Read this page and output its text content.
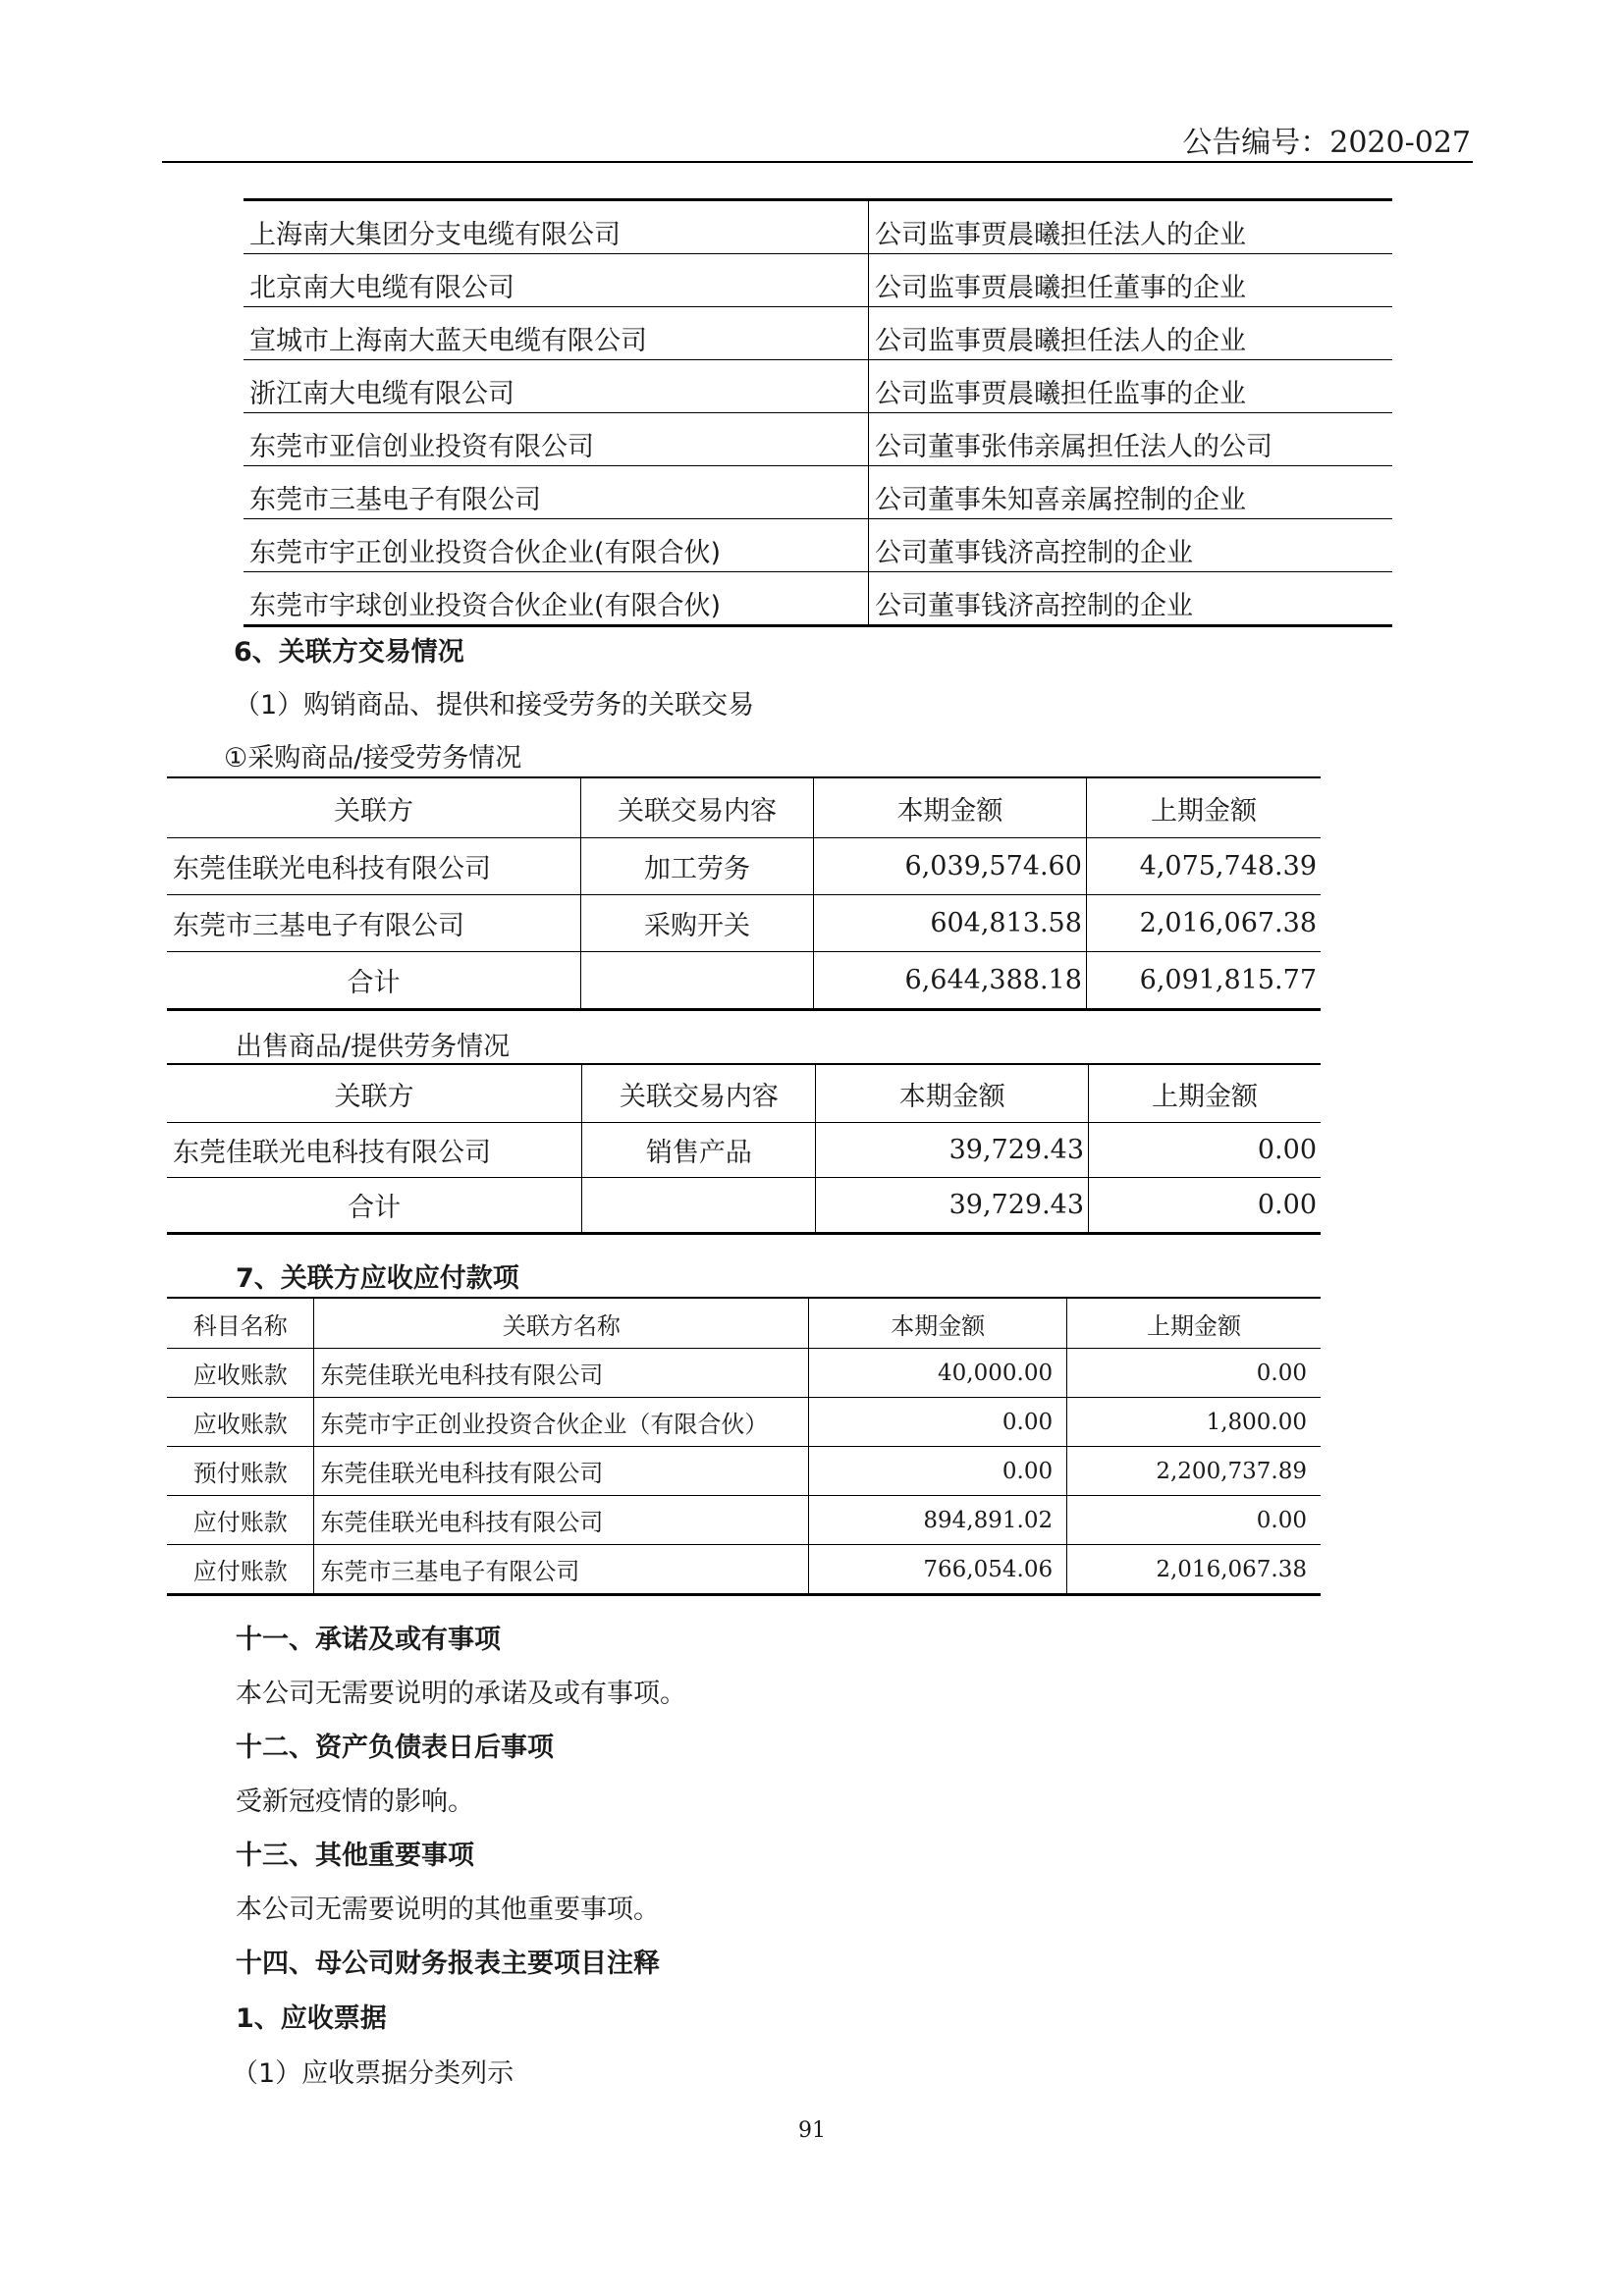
公告编号：2020-027
上海南大集团分支电缆有限公司	公司监事贾晨曦担任法人的企业
北京南大电缆有限公司	公司监事贾晨曦担任董事的企业
宣城市上海南大蓝天电缆有限公司	公司监事贾晨曦担任法人的企业
浙江南大电缆有限公司	公司监事贾晨曦担任监事的企业
东莞市亚信创业投资有限公司	公司董事张伟亲属担任法人的公司
东莞市三基电子有限公司	公司董事朱知喜亲属控制的企业
东莞市宇正创业投资合伙企业(有限合伙)	公司董事钱济高控制的企业
东莞市宇球创业投资合伙企业(有限合伙)	公司董事钱济高控制的企业
6、关联方交易情况
（1）购销商品、提供和接受劳务的关联交易
①采购商品/接受劳务情况
关联方	关联交易内容	本期金额	上期金额
东莞佳联光电科技有限公司	加工劳务	6,039,574.60	4,075,748.39
东莞市三基电子有限公司	采购开关	604,813.58	2,016,067.38
合计		6,644,388.18	6,091,815.77
出售商品/提供劳务情况
关联方	关联交易内容	本期金额	上期金额
东莞佳联光电科技有限公司	销售产品	39,729.43	0.00
合计		39,729.43	0.00
7、关联方应收应付款项
科目名称	关联方名称	本期金额	上期金额
应收账款	东莞佳联光电科技有限公司	40,000.00	0.00
应收账款	东莞市宇正创业投资合伙企业（有限合伙）	0.00	1,800.00
预付账款	东莞佳联光电科技有限公司	0.00	2,200,737.89
应付账款	东莞佳联光电科技有限公司	894,891.02	0.00
应付账款	东莞市三基电子有限公司	766,054.06	2,016,067.38
十一、承诺及或有事项
本公司无需要说明的承诺及或有事项。
十二、资产负债表日后事项
受新冠疫情的影响。
十三、其他重要事项
本公司无需要说明的其他重要事项。
十四、母公司财务报表主要项目注释
1、应收票据
（1）应收票据分类列示
91
